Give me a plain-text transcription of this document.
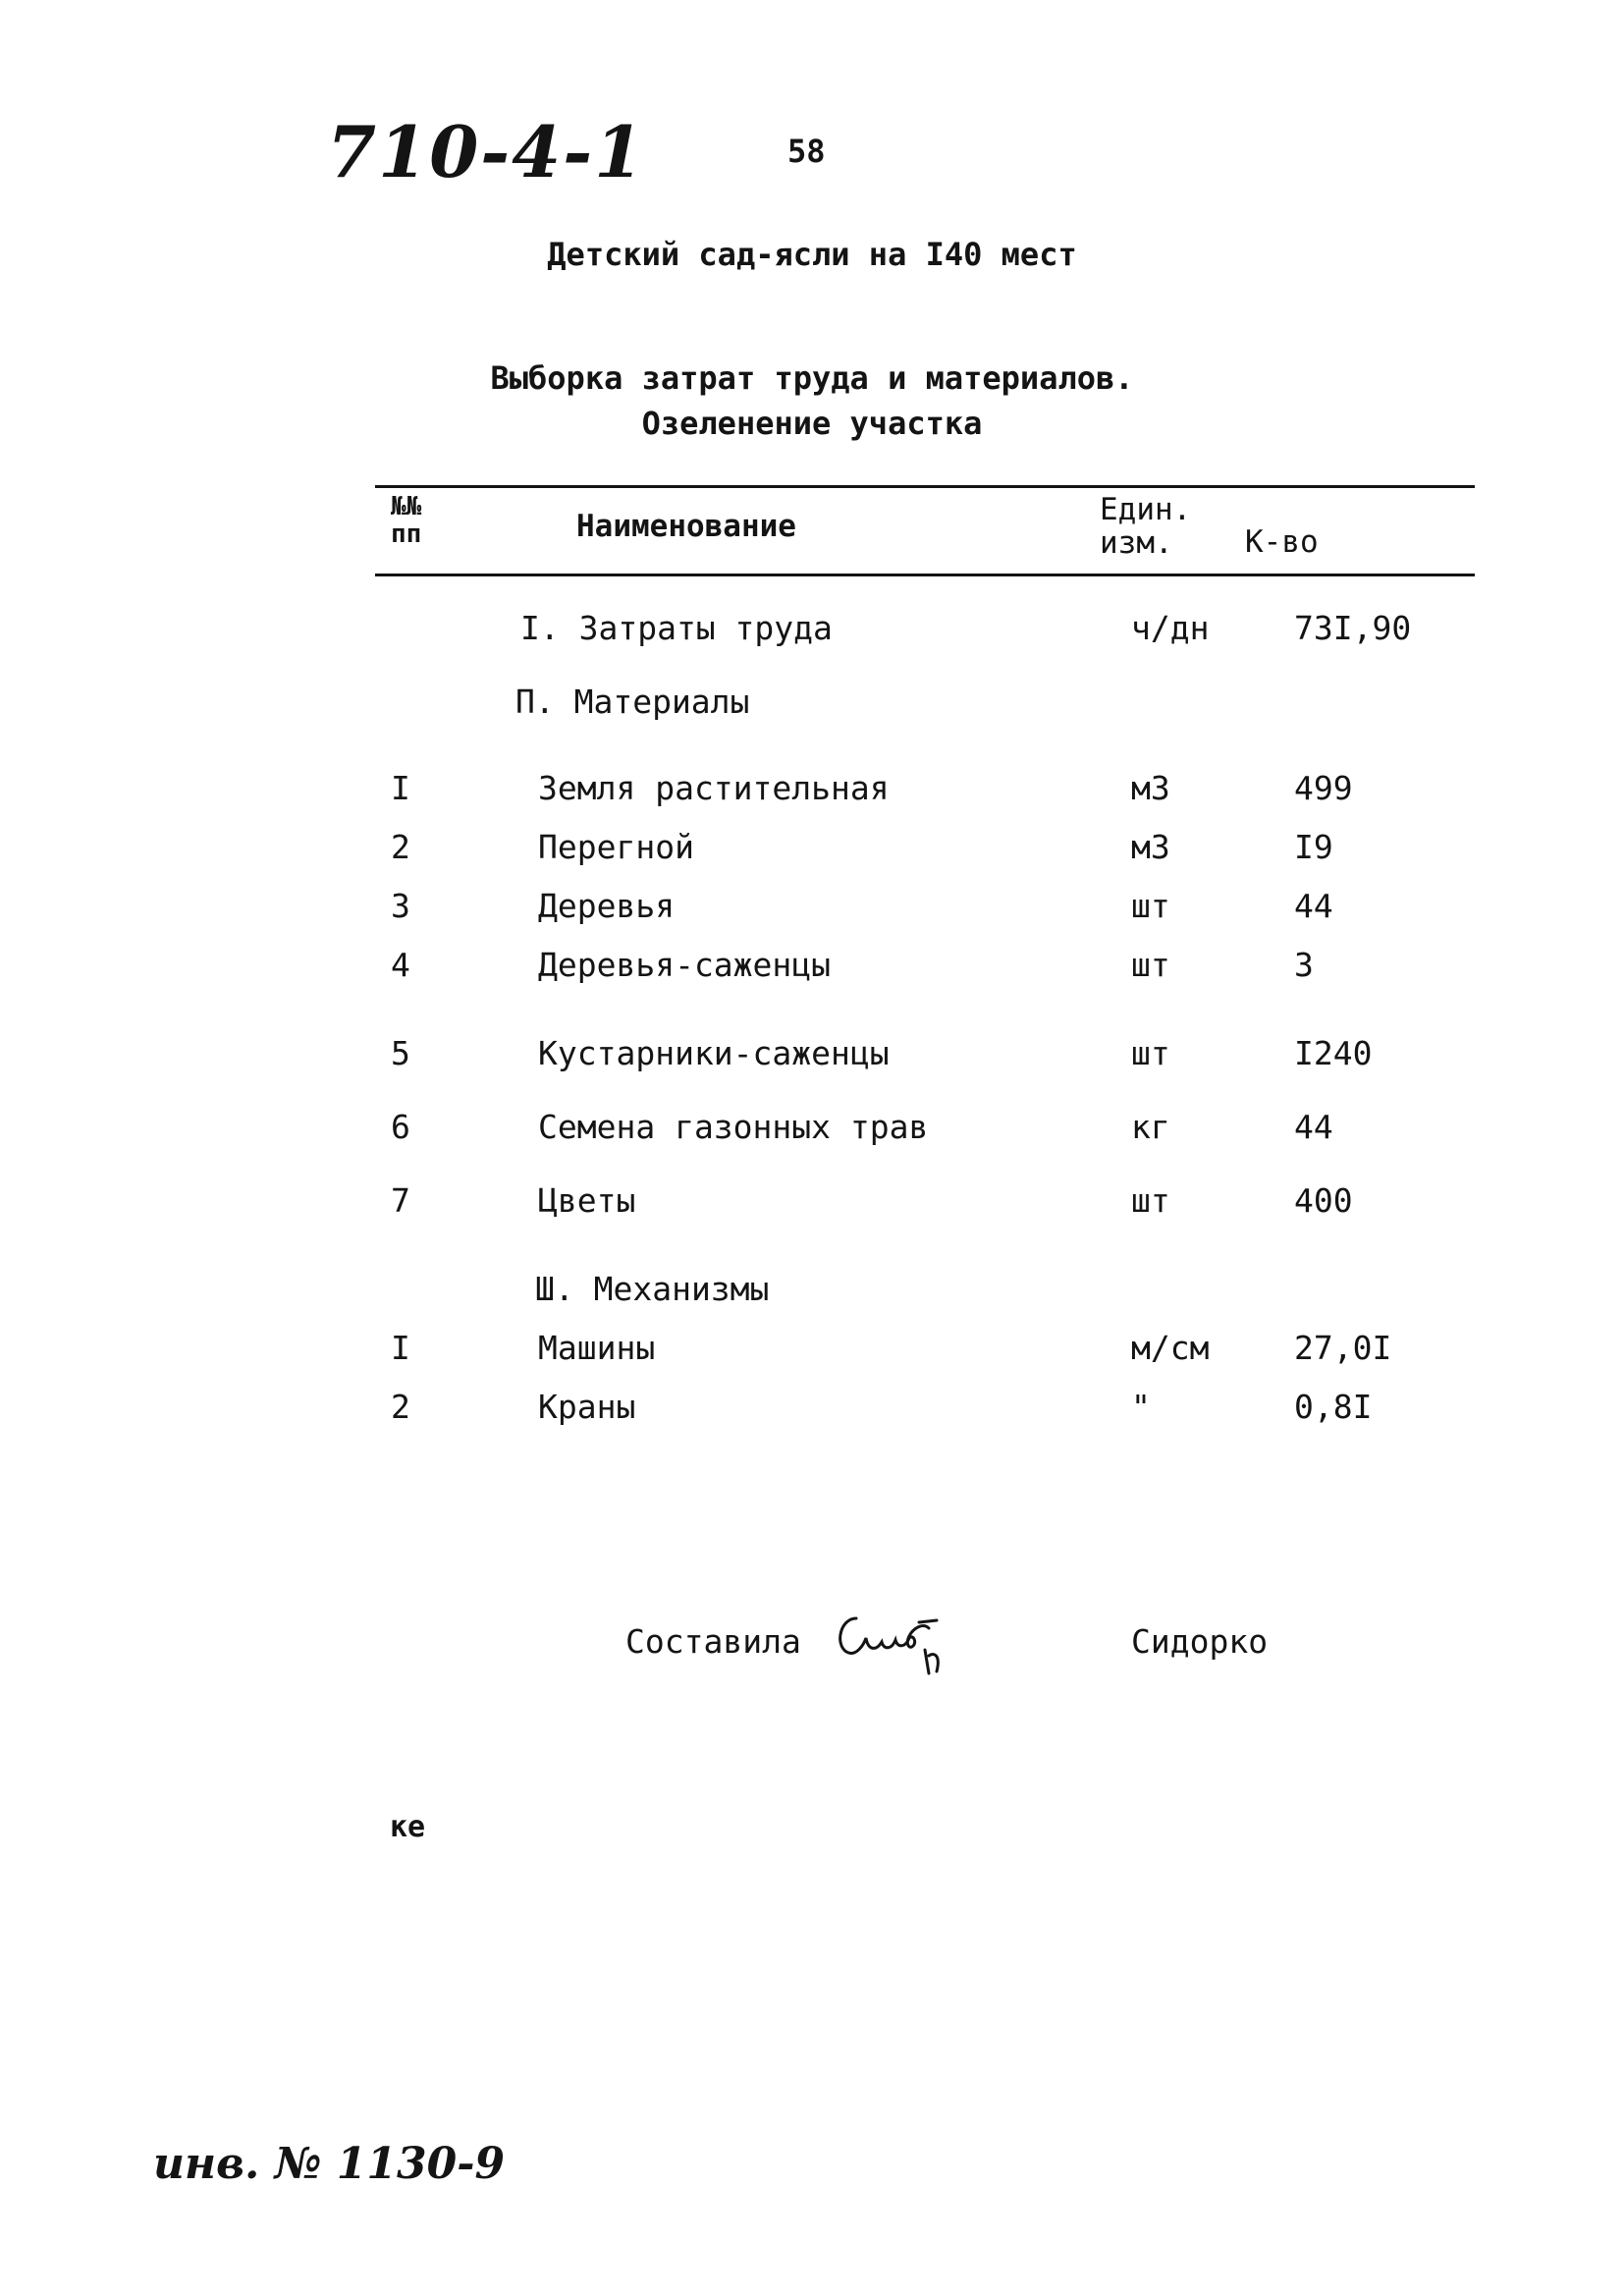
710-4-1	58
Детский сад-ясли на I40 мест
Выборка затрат труда и материалов.
Озеленение участка
№№ пп	Наименование	Един. изм.	К-во
I. Затраты труда	ч/дн	73I,90
П. Материалы
I	Земля растительная	м3	499
2	Перегной	м3	I9
3	Деревья	шт	44
4	Деревья-саженцы	шт	3
5	Кустарники-саженцы	шт	I240
6	Семена газонных трав	кг	44
7	Цветы	шт	400
Ш. Механизмы
I	Машины	м/см	27,0I
2	Краны	"	0,8I
Составила	Сидорко
ке
инв. № 1130-9
